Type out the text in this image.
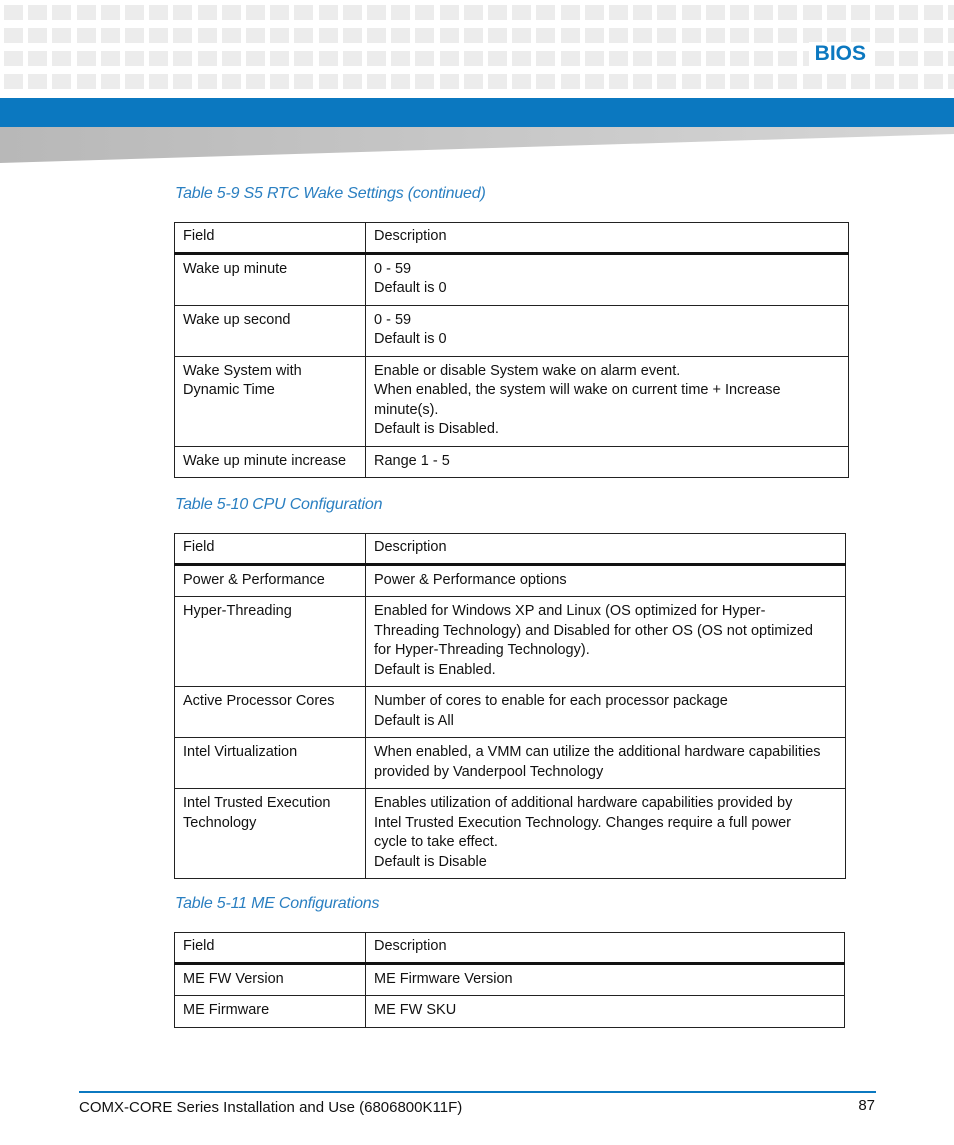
BIOS
Table 5-9 S5 RTC Wake Settings (continued)
Field	Description

Wake up minute	0 - 59
Default is 0

Wake up second	0 - 59
Default is 0

Wake System with
Dynamic Time	Enable or disable System wake on alarm event.
When enabled, the system will wake on current time + Increase
minute(s).
Default is Disabled.

Wake up minute increase	Range 1 - 5
Table 5-10 CPU Configuration
Field	Description

Power & Performance	Power & Performance options

Hyper-Threading	Enabled for Windows XP and Linux (OS optimized for Hyper-
Threading Technology) and Disabled for other OS (OS not optimized
for Hyper-Threading Technology).
Default is Enabled.

Active Processor Cores	Number of cores to enable for each processor package
Default is All

Intel Virtualization	When enabled, a VMM can utilize the additional hardware capabilities
provided by Vanderpool Technology

Intel Trusted Execution
Technology	Enables utilization of additional hardware capabilities provided by
Intel Trusted Execution Technology. Changes require a full power
cycle to take effect.
Default is Disable
Table 5-11 ME Configurations
Field	Description

ME FW Version	ME Firmware Version

ME Firmware	ME FW SKU
COMX-CORE Series Installation and Use (6806800K11F)	87
